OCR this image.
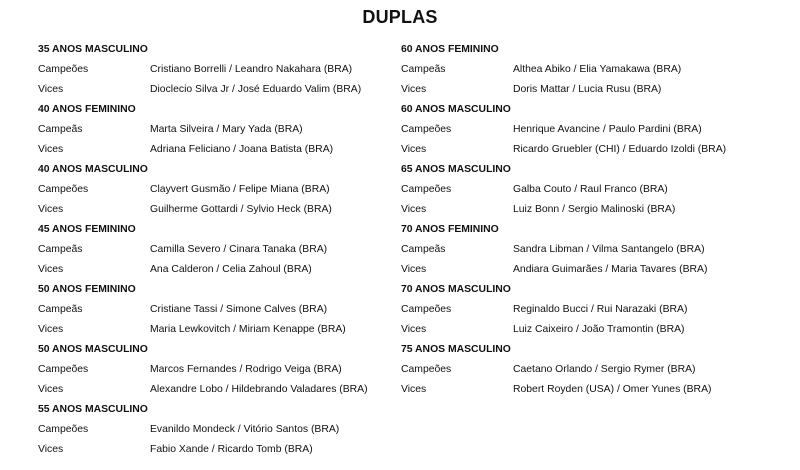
DUPLAS
35 ANOS MASCULINO
Campeões	Cristiano Borrelli / Leandro Nakahara (BRA)
Vices	Dioclecio Silva Jr / José Eduardo Valim (BRA)
40 ANOS FEMININO
Campeãs	Marta Silveira / Mary Yada (BRA)
Vices	Adriana Feliciano / Joana Batista (BRA)
40 ANOS MASCULINO
Campeões	Clayvert Gusmão / Felipe Miana (BRA)
Vices	Guilherme Gottardi / Sylvio Heck (BRA)
45 ANOS FEMININO
Campeãs	Camilla Severo / Cinara Tanaka (BRA)
Vices	Ana Calderon / Celia Zahoul (BRA)
50 ANOS FEMININO
Campeãs	Cristiane Tassi / Simone Calves (BRA)
Vices	Maria Lewkovitch / Miriam Kenappe (BRA)
50 ANOS MASCULINO
Campeões	Marcos Fernandes / Rodrigo Veiga (BRA)
Vices	Alexandre Lobo / Hildebrando Valadares (BRA)
55 ANOS MASCULINO
Campeões	Evanildo Mondeck / Vitório Santos (BRA)
Vices	Fabio Xande / Ricardo Tomb (BRA)
60 ANOS FEMININO
Campeãs	Althea Abiko / Elia Yamakawa (BRA)
Vices	Doris Mattar / Lucia Rusu (BRA)
60 ANOS MASCULINO
Campeões	Henrique Avancine / Paulo Pardini (BRA)
Vices	Ricardo Gruebler (CHI) / Eduardo Izoldi (BRA)
65 ANOS MASCULINO
Campeões	Galba Couto / Raul Franco (BRA)
Vices	Luiz Bonn / Sergio Malinoski (BRA)
70 ANOS FEMININO
Campeãs	Sandra Libman / Vilma Santangelo (BRA)
Vices	Andiara Guimarães / Maria Tavares (BRA)
70 ANOS MASCULINO
Campeões	Reginaldo Bucci / Rui Narazaki (BRA)
Vices	Luiz Caixeiro / João Tramontin (BRA)
75 ANOS MASCULINO
Campeões	Caetano Orlando / Sergio Rymer (BRA)
Vices	Robert Royden (USA) / Omer Yunes (BRA)
